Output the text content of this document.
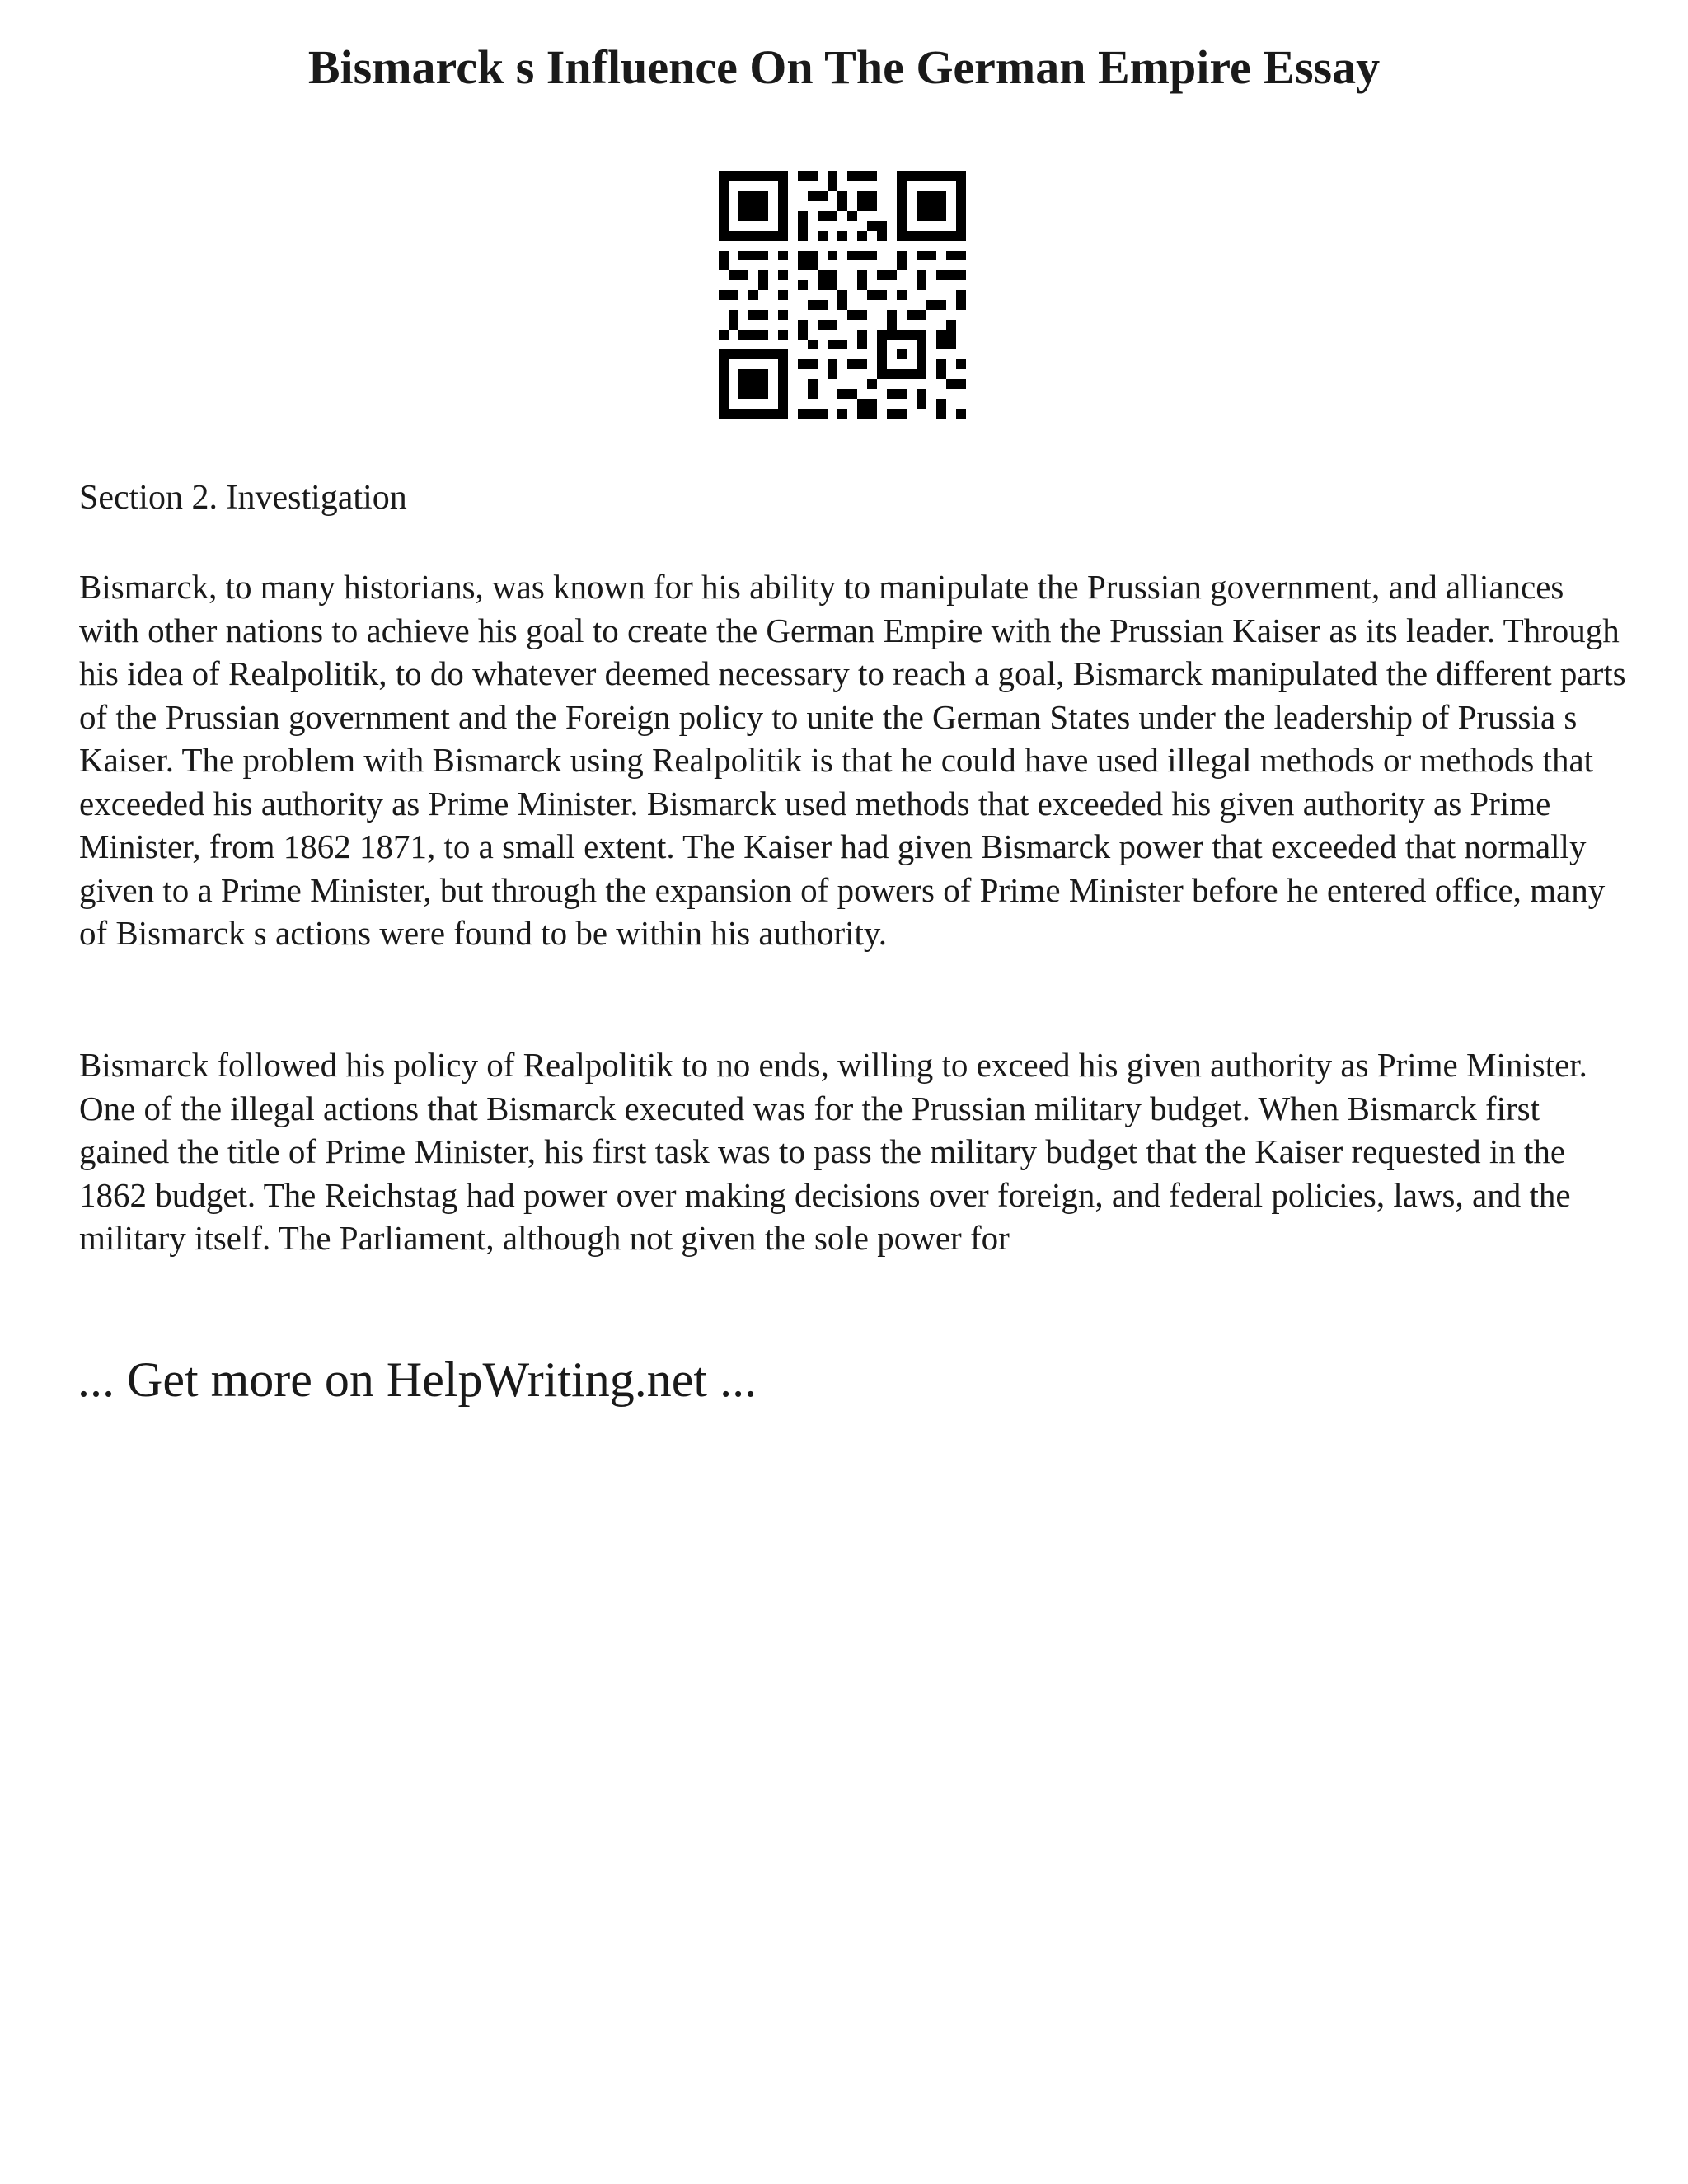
Bismarck s Influence On The German Empire Essay

Section 2. Investigation

Bismarck, to many historians, was known for his ability to manipulate the Prussian government, and alliances with other nations to achieve his goal to create the German Empire with the Prussian Kaiser as its leader. Through his idea of Realpolitik, to do whatever deemed necessary to reach a goal, Bismarck manipulated the different parts of the Prussian government and the Foreign policy to unite the German States under the leadership of Prussia s Kaiser. The problem with Bismarck using Realpolitik is that he could have used illegal methods or methods that exceeded his authority as Prime Minister. Bismarck used methods that exceeded his given authority as Prime Minister, from 1862 1871, to a small extent. The Kaiser had given Bismarck power that exceeded that normally given to a Prime Minister, but through the expansion of powers of Prime Minister before he entered office, many of Bismarck s actions were found to be within his authority.

Bismarck followed his policy of Realpolitik to no ends, willing to exceed his given authority as Prime Minister. One of the illegal actions that Bismarck executed was for the Prussian military budget. When Bismarck first gained the title of Prime Minister, his first task was to pass the military budget that the Kaiser requested in the 1862 budget. The Reichstag had power over making decisions over foreign, and federal policies, laws, and the military itself. The Parliament, although not given the sole power for

... Get more on HelpWriting.net ...
